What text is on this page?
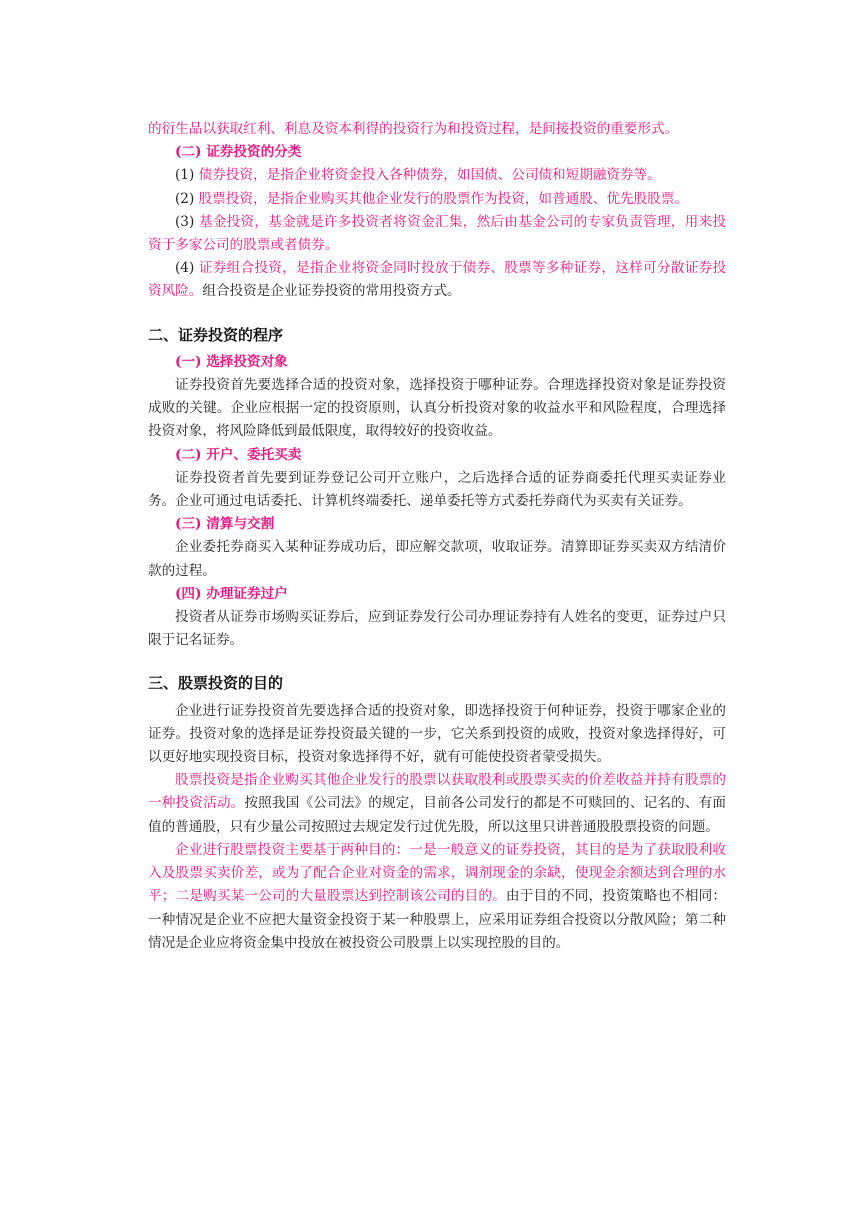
的衍生品以获取红利、利息及资本利得的投资行为和投资过程，是间接投资的重要形式。

(二) 证券投资的分类

(1) 债券投资，是指企业将资金投入各种债券，如国债、公司债和短期融资券等。

(2) 股票投资，是指企业购买其他企业发行的股票作为投资，如普通股、优先股股票。

(3) 基金投资，基金就是许多投资者将资金汇集，然后由基金公司的专家负责管理，用来投资于多家公司的股票或者债券。

(4) 证券组合投资，是指企业将资金同时投放于债券、股票等多种证券，这样可分散证券投资风险。组合投资是企业证券投资的常用投资方式。

二、证券投资的程序

(一) 选择投资对象

证券投资首先要选择合适的投资对象，选择投资于哪种证券。合理选择投资对象是证券投资成败的关键。企业应根据一定的投资原则，认真分析投资对象的收益水平和风险程度，合理选择投资对象，将风险降低到最低限度，取得较好的投资收益。

(二) 开户、委托买卖

证券投资者首先要到证券登记公司开立账户，之后选择合适的证券商委托代理买卖证券业务。企业可通过电话委托、计算机终端委托、递单委托等方式委托券商代为买卖有关证券。

(三) 清算与交割

企业委托券商买入某种证券成功后，即应解交款项，收取证券。清算即证券买卖双方结清价款的过程。

(四) 办理证券过户

投资者从证券市场购买证券后，应到证券发行公司办理证券持有人姓名的变更，证券过户只限于记名证券。

三、股票投资的目的

企业进行证券投资首先要选择合适的投资对象，即选择投资于何种证券，投资于哪家企业的证券。投资对象的选择是证券投资最关键的一步，它关系到投资的成败，投资对象选择得好，可以更好地实现投资目标，投资对象选择得不好，就有可能使投资者蒙受损失。

股票投资是指企业购买其他企业发行的股票以获取股利或股票买卖的价差收益并持有股票的一种投资活动。按照我国《公司法》的规定，目前各公司发行的都是不可赎回的、记名的、有面值的普通股，只有少量公司按照过去规定发行过优先股，所以这里只讲普通股股票投资的问题。

企业进行股票投资主要基于两种目的：一是一般意义的证券投资，其目的是为了获取股利收入及股票买卖价差，或为了配合企业对资金的需求，调剂现金的余缺，使现金余额达到合理的水平；二是购买某一公司的大量股票达到控制该公司的目的。由于目的不同，投资策略也不相同：一种情况是企业不应把大量资金投资于某一种股票上，应采用证券组合投资以分散风险；第二种情况是企业应将资金集中投放在被投资公司股票上以实现控股的目的。
